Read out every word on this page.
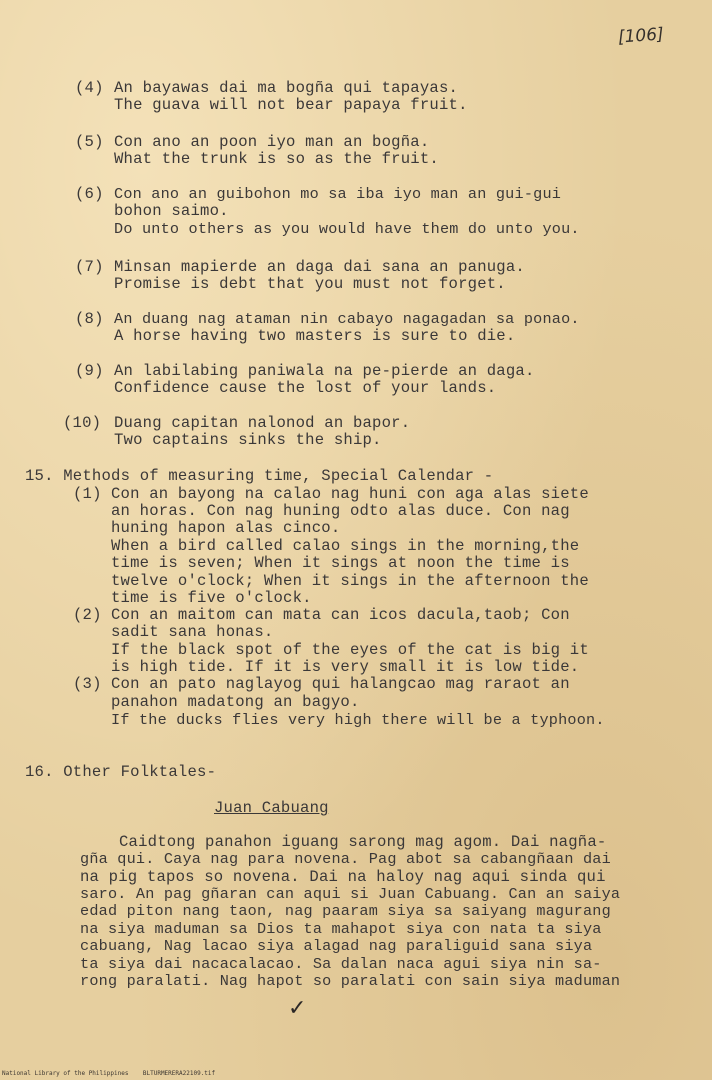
[106]
(4) An bayawas dai ma bogña qui tapayas.
The guava will not bear papaya fruit.
(5) Con ano an poon iyo man an bogña.
What the trunk is so as the fruit.
(6) Con ano an guibohon mo sa iba iyo man an gui-gui
bohon saimo.
Do unto others as you would have them do unto you.
(7) Minsan mapierde an daga dai sana an panuga.
Promise is debt that you must not forget.
(8) An duang nag ataman nin cabayo nagagadan sa ponao.
A horse having two masters is sure to die.
(9) An labilabing paniwala na pe-pierde an daga.
Confidence cause the lost of your lands.
(10) Duang capitan nalonod an bapor.
Two captains sinks the ship.
15. Methods of measuring time, Special Calendar -
(1) Con an bayong na calao nag huni con aga alas siete
an horas. Con nag huning odto alas duce. Con nag
huning hapon alas cinco.
When a bird called calao sings in the morning,the
time is seven; When it sings at noon the time is
twelve o'clock; When it sings in the afternoon the
time is five o'clock.
(2) Con an maitom can mata can icos dacula,taob; Con
sadit sana honas.
If the black spot of the eyes of the cat is big it
is high tide. If it is very small it is low tide.
(3) Con an pato naglayog qui halangcao mag raraot an
panahon madatong an bagyo.
If the ducks flies very high there will be a typhoon.
16. Other Folktales-
Juan Cabuang
Caidtong panahon iguang sarong mag agom. Dai nagña-
gña qui. Caya nag para novena. Pag abot sa cabangñaan dai
na pig tapos so novena. Dai na haloy nag aqui sinda qui
saro. An pag gñaran can aqui si Juan Cabuang. Can an saiya
edad piton nang taon, nag paaram siya sa saiyang magurang
na siya maduman sa Dios ta mahapot siya con nata ta siya
cabuang, Nag lacao siya alagad nag paraliguid sana siya
ta siya dai nacacalacao. Sa dalan naca agui siya nin sa-
rong paralati. Nag hapot so paralati con sain siya maduman
✓
National Library of the Philippines    BLTURMERERA22109.tif
